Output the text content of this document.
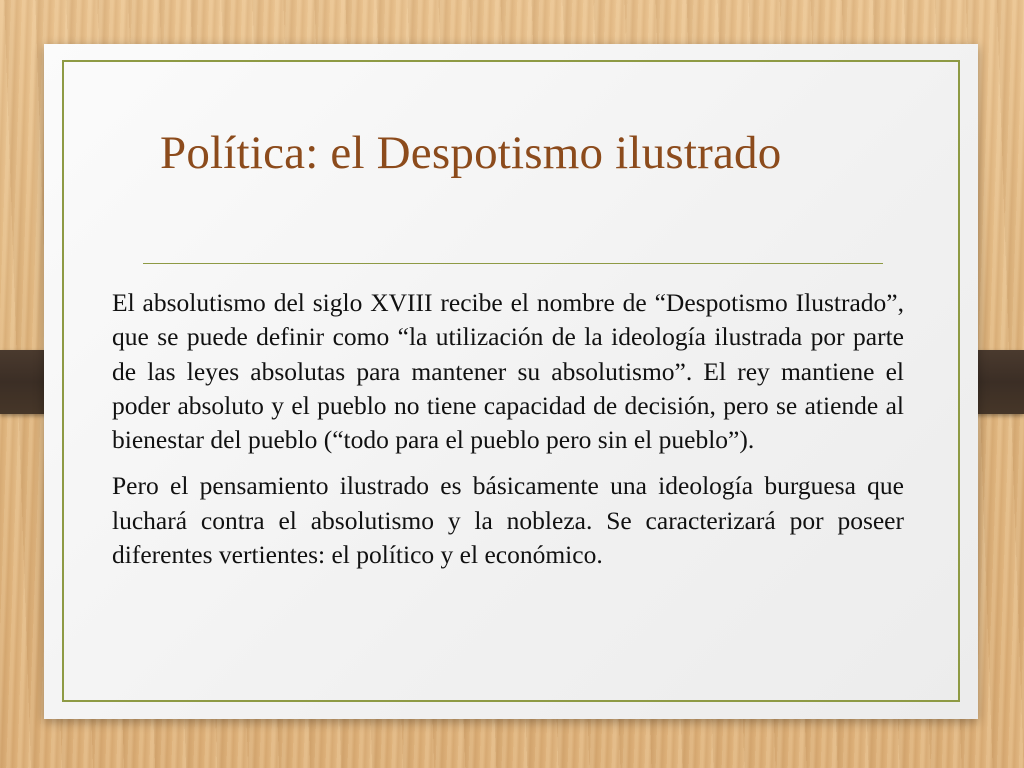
Política: el Despotismo ilustrado

El absolutismo del siglo XVIII recibe el nombre de “Despotismo Ilustrado”, que se puede definir como “la utilización de la ideología ilustrada por parte de las leyes absolutas para mantener su absolutismo”. El rey mantiene el poder absoluto y el pueblo no tiene capacidad de decisión, pero se atiende al bienestar del pueblo (“todo para el pueblo pero sin el pueblo”).

Pero el pensamiento ilustrado es básicamente una ideología burguesa que luchará contra el absolutismo y la nobleza. Se caracterizará por poseer diferentes vertientes: el político y el económico.
